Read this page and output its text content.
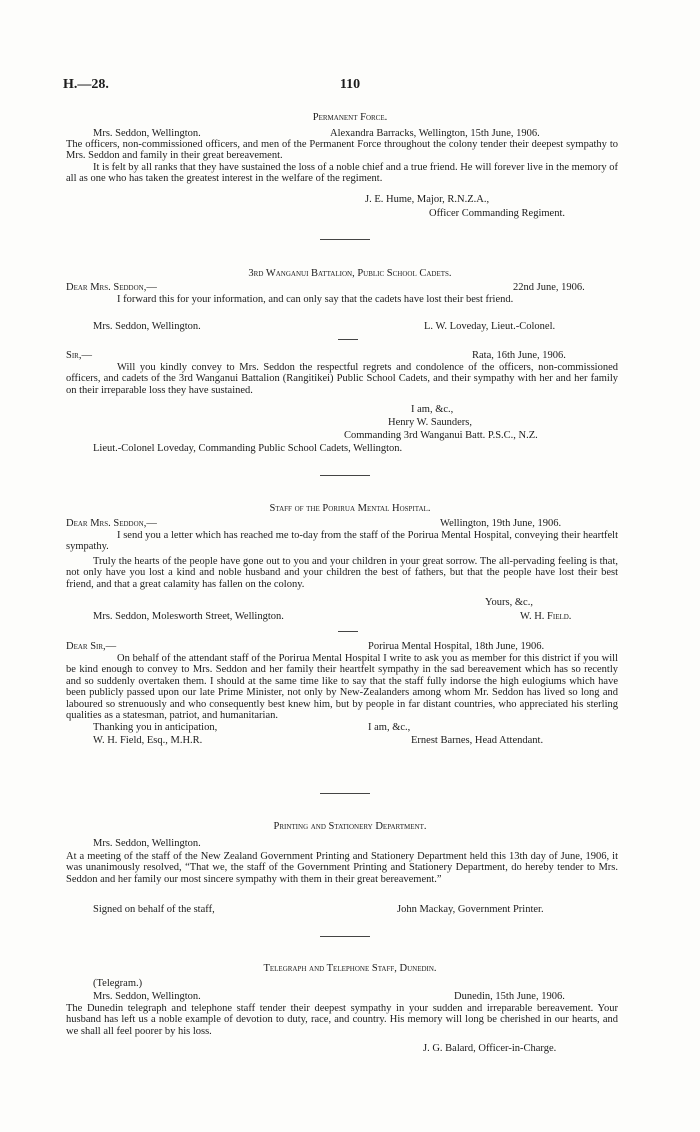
H.—28.	110
Permanent Force.
Mrs. Seddon, Wellington.	Alexandra Barracks, Wellington, 15th June, 1906.
The officers, non-commissioned officers, and men of the Permanent Force throughout the colony tender their deepest sympathy to Mrs. Seddon and family in their great bereavement.
It is felt by all ranks that they have sustained the loss of a noble chief and a true friend. He will forever live in the memory of all as one who has taken the greatest interest in the welfare of the regiment.
J. E. Hume, Major, R.N.Z.A.,
Officer Commanding Regiment.
3rd Wanganui Battalion, Public School Cadets.
Dear Mrs. Seddon,—	22nd June, 1906.
I forward this for your information, and can only say that the cadets have lost their best friend.
Mrs. Seddon, Wellington.	L. W. Loveday, Lieut.-Colonel.
Sir,—	Rata, 16th June, 1906.
Will you kindly convey to Mrs. Seddon the respectful regrets and condolence of the officers, non-commissioned officers, and cadets of the 3rd Wanganui Battalion (Rangitikei) Public School Cadets, and their sympathy with her and her family on their irreparable loss they have sustained.
I am, &c.,
Henry W. Saunders,
Commanding 3rd Wanganui Batt. P.S.C., N.Z.
Lieut.-Colonel Loveday, Commanding Public School Cadets, Wellington.
Staff of the Porirua Mental Hospital.
Dear Mrs. Seddon,—	Wellington, 19th June, 1906.
I send you a letter which has reached me to-day from the staff of the Porirua Mental Hospital, conveying their heartfelt sympathy.
Truly the hearts of the people have gone out to you and your children in your great sorrow. The all-pervading feeling is that, not only have you lost a kind and noble husband and your children the best of fathers, but that the people have lost their best friend, and that a great calamity has fallen on the colony.
Yours, &c.,
Mrs. Seddon, Molesworth Street, Wellington.	W. H. Field.
Dear Sir,—	Porirua Mental Hospital, 18th June, 1906.
On behalf of the attendant staff of the Porirua Mental Hospital I write to ask you as member for this district if you will be kind enough to convey to Mrs. Seddon and her family their heartfelt sympathy in the sad bereavement which has so recently and so suddenly overtaken them. I should at the same time like to say that the staff fully indorse the high eulogiums which have been publicly passed upon our late Prime Minister, not only by New-Zealanders among whom Mr. Seddon has lived so long and laboured so strenuously and who consequently best knew him, but by people in far distant countries, who appreciated his sterling qualities as a statesman, patriot, and humanitarian.
Thanking you in anticipation,	I am, &c.,
W. H. Field, Esq., M.H.R.	Ernest Barnes, Head Attendant.
Printing and Stationery Department.
Mrs. Seddon, Wellington.
At a meeting of the staff of the New Zealand Government Printing and Stationery Department held this 13th day of June, 1906, it was unanimously resolved, “That we, the staff of the Government Printing and Stationery Department, do hereby tender to Mrs. Seddon and her family our most sincere sympathy with them in their great bereavement.”
Signed on behalf of the staff,	John Mackay, Government Printer.
Telegraph and Telephone Staff, Dunedin.
(Telegram.)
Mrs. Seddon, Wellington.	Dunedin, 15th June, 1906.
The Dunedin telegraph and telephone staff tender their deepest sympathy in your sudden and irreparable bereavement. Your husband has left us a noble example of devotion to duty, race, and country. His memory will long be cherished in our hearts, and we shall all feel poorer by his loss.
J. G. Balard, Officer-in-Charge.
